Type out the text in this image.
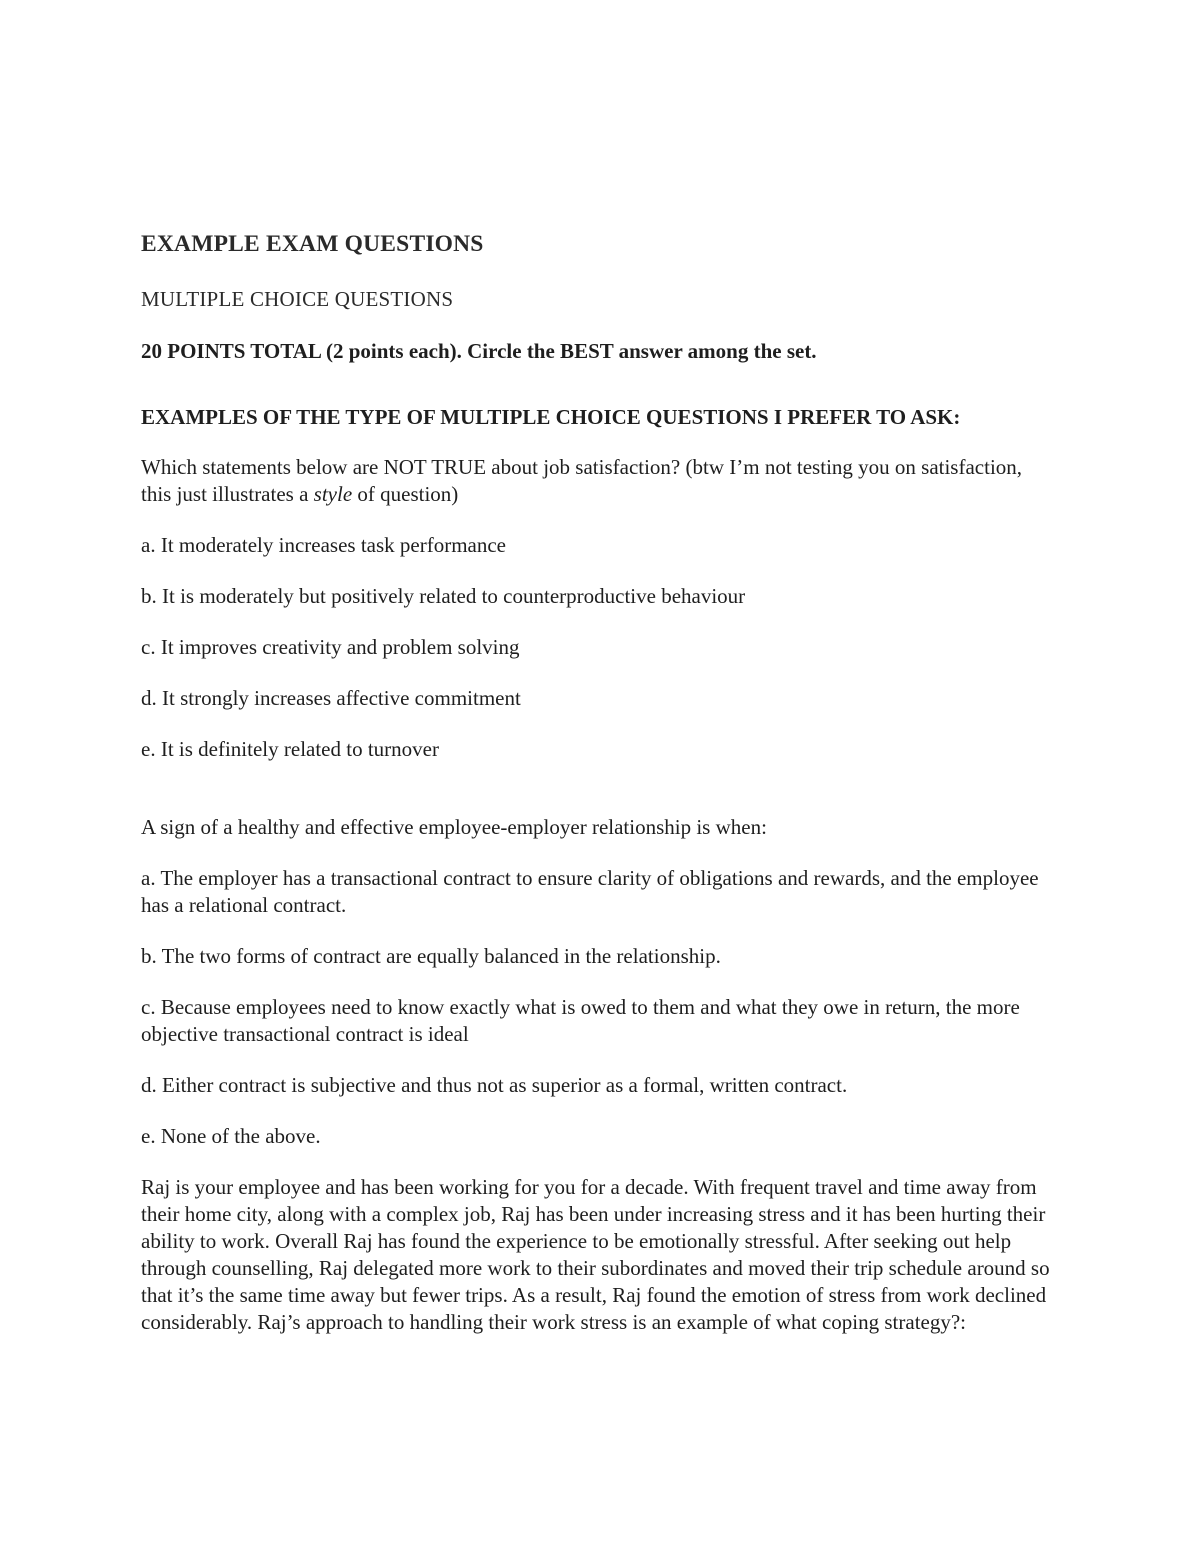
EXAMPLE EXAM QUESTIONS
MULTIPLE CHOICE QUESTIONS

20 POINTS TOTAL (2 points each). Circle the BEST answer among the set.

EXAMPLES OF THE TYPE OF MULTIPLE CHOICE QUESTIONS I PREFER TO ASK:

Which statements below are NOT TRUE about job satisfaction? (btw I’m not testing you on satisfaction, this just illustrates a style of question)

a. It moderately increases task performance

b. It is moderately but positively related to counterproductive behaviour

c. It improves creativity and problem solving

d. It strongly increases affective commitment

e. It is definitely related to turnover

A sign of a healthy and effective employee-employer relationship is when:

a. The employer has a transactional contract to ensure clarity of obligations and rewards, and the employee has a relational contract.

b. The two forms of contract are equally balanced in the relationship.

c. Because employees need to know exactly what is owed to them and what they owe in return, the more objective transactional contract is ideal

d. Either contract is subjective and thus not as superior as a formal, written contract.

e. None of the above.

Raj is your employee and has been working for you for a decade. With frequent travel and time away from their home city, along with a complex job, Raj has been under increasing stress and it has been hurting their ability to work. Overall Raj has found the experience to be emotionally stressful. After seeking out help through counselling, Raj delegated more work to their subordinates and moved their trip schedule around so that it’s the same time away but fewer trips. As a result, Raj found the emotion of stress from work declined considerably. Raj’s approach to handling their work stress is an example of what coping strategy?:
